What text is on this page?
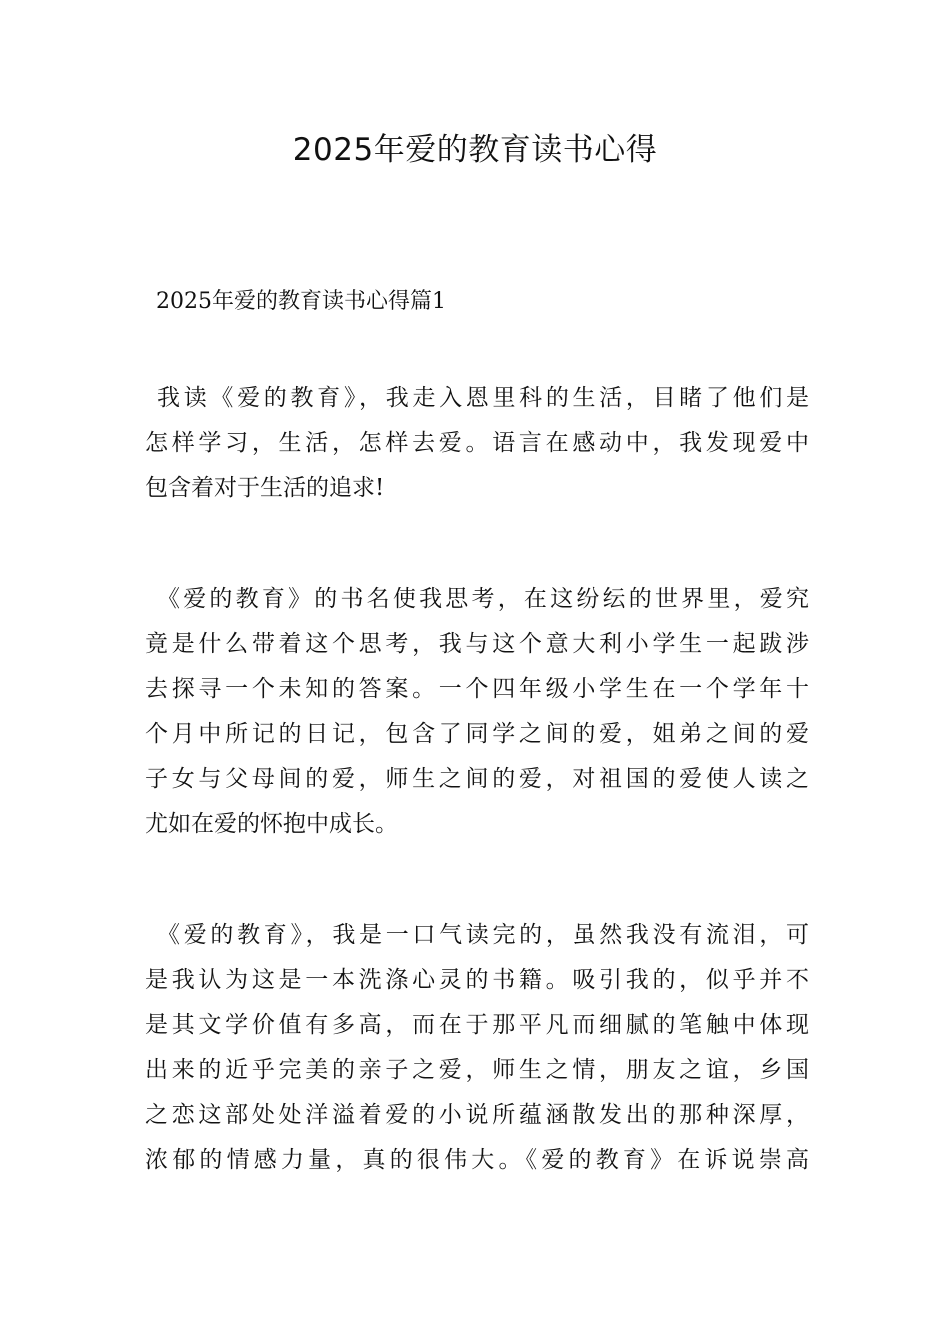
2025年爱的教育读书心得
2025年爱的教育读书心得篇1
我读《爱的教育》，我走入恩里科的生活，目睹了他们是
怎样学习，生活，怎样去爱。语言在感动中，我发现爱中
包含着对于生活的追求!
《爱的教育》的书名使我思考，在这纷纭的世界里，爱究
竟是什么带着这个思考，我与这个意大利小学生一起跋涉
去探寻一个未知的答案。一个四年级小学生在一个学年十
个月中所记的日记，包含了同学之间的爱，姐弟之间的爱
子女与父母间的爱，师生之间的爱，对祖国的爱使人读之
尤如在爱的怀抱中成长。
《爱的教育》，我是一口气读完的，虽然我没有流泪，可
是我认为这是一本洗涤心灵的书籍。吸引我的，似乎并不
是其文学价值有多高，而在于那平凡而细腻的笔触中体现
出来的近乎完美的亲子之爱，师生之情，朋友之谊，乡国
之恋这部处处洋溢着爱的小说所蕴涵散发出的那种深厚，
浓郁的情感力量，真的很伟大。《爱的教育》在诉说崇高
